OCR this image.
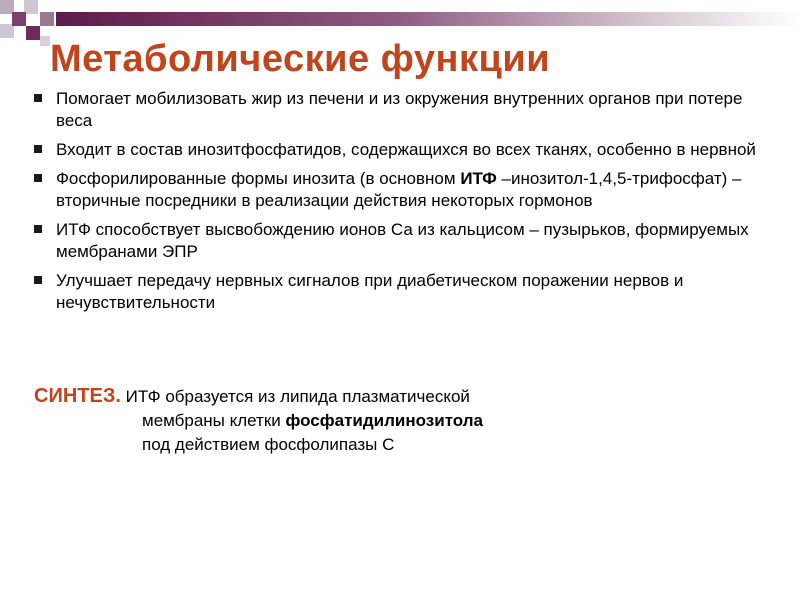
Метаболические функции
Помогает мобилизовать жир из печени и из окружения внутренних органов при потере веса
Входит в состав инозитфосфатидов, содержащихся во всех тканях, особенно в нервной
Фосфорилированные формы инозита (в основном ИТФ –инозитол-1,4,5-трифосфат) – вторичные посредники в реализации действия некоторых гормонов
ИТФ способствует высвобождению ионов Са из кальцисом – пузырьков, формируемых мембранами ЭПР
Улучшает передачу нервных сигналов при диабетическом поражении нервов и нечувствительности
СИНТЕЗ. ИТФ образуется из липида плазматической
мембраны клетки фосфатидилинозитола
под действием фосфолипазы С
